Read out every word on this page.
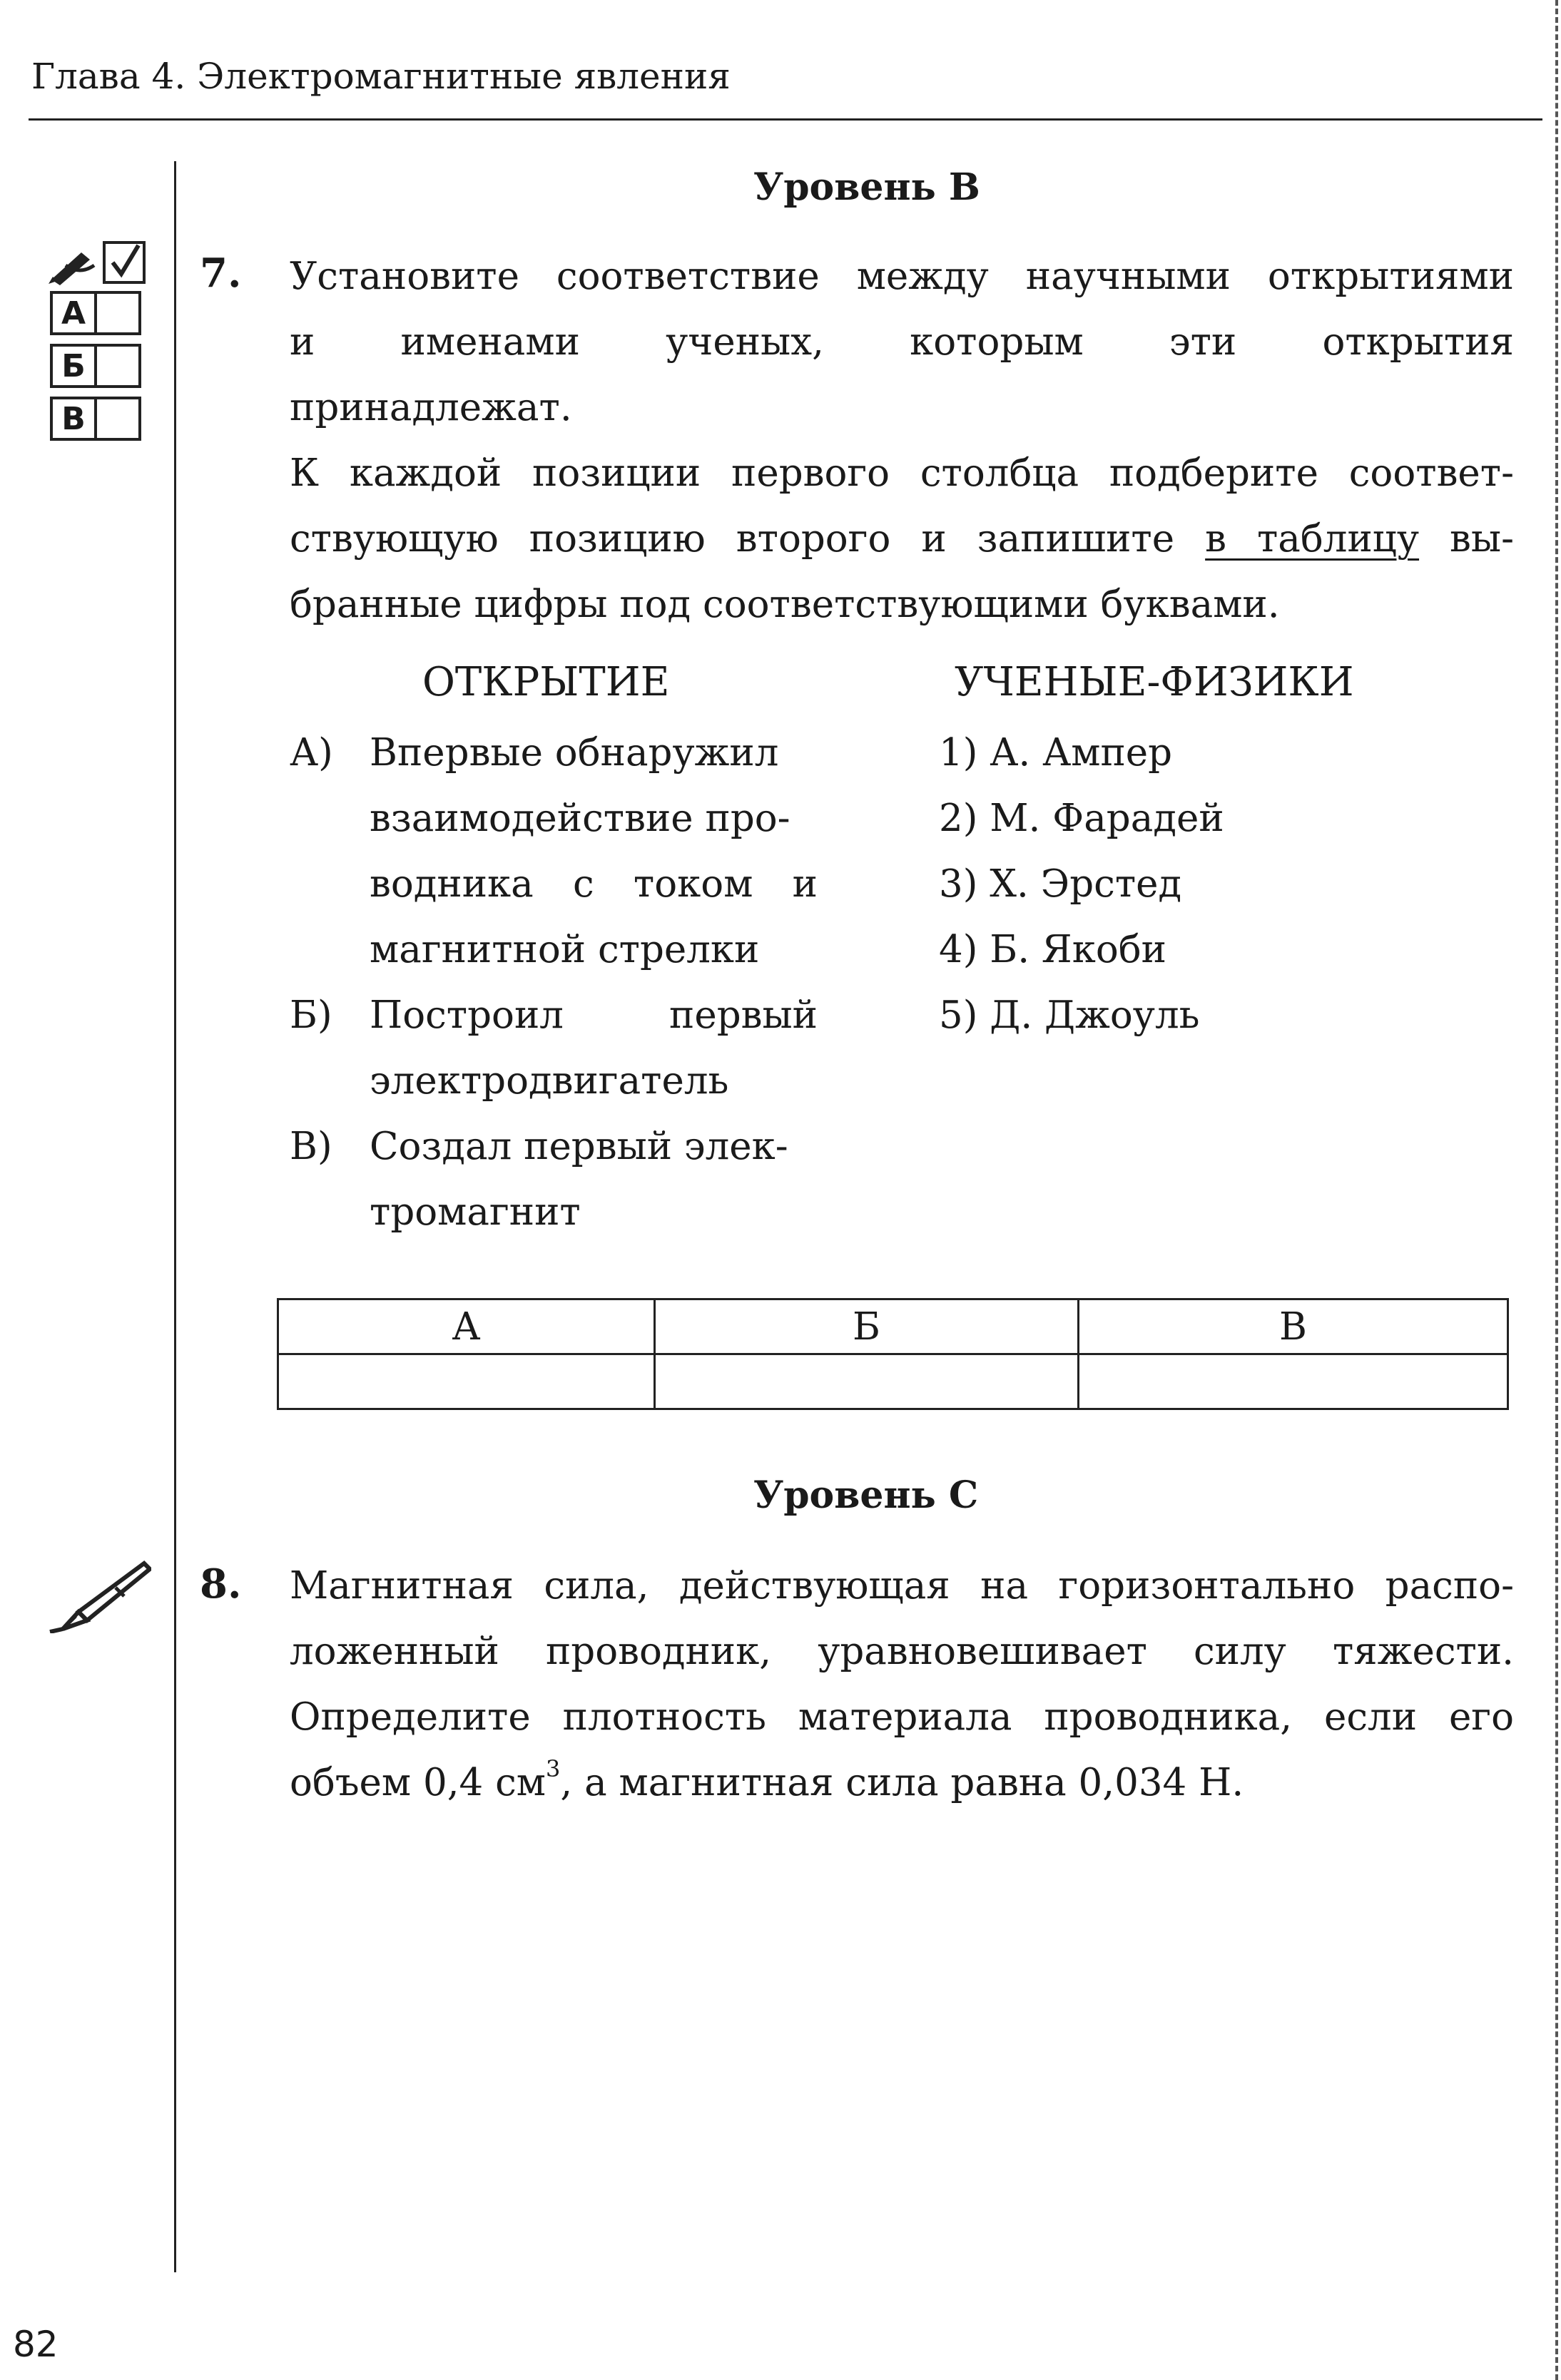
Глава 4. Электромагнитные явления
Уровень В
А
Б
В
7. Установите соответствие между научными открытиями
и именами ученых, которым эти открытия
принадлежат.
К каждой позиции первого столбца подберите соответ-
ствующую позицию второго и запишите в таблицу вы-
бранные цифры под соответствующими буквами.
ОТКРЫТИЕ	УЧЕНЫЕ-ФИЗИКИ
А) Впервые обнаружил
взаимодействие про-
водника с током и
магнитной стрелки
Б) Построил первый
электродвигатель
В) Создал первый элек-
тромагнит
1) А. Ампер
2) М. Фарадей
3) Х. Эрстед
4) Б. Якоби
5) Д. Джоуль
А	Б	В

Уровень С
8. Магнитная сила, действующая на горизонтально распо-
ложенный проводник, уравновешивает силу тяжести.
Определите плотность материала проводника, если его
объем 0,4 $см^3$, а магнитная сила равна 0,034 Н.
82
